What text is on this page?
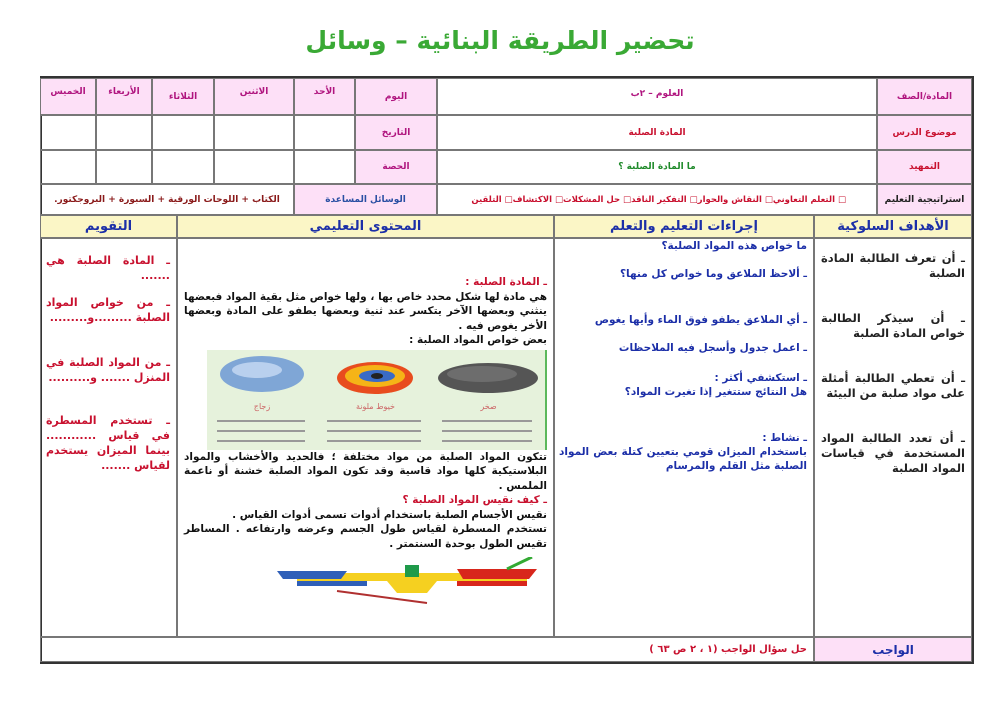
تحضير الطريقة البنائية – وسائل
المادة/الصف
العلوم – ٢ب
اليوم
الأحد
الاثنين
الثلاثاء
الأربعاء
الخميس
موضوع الدرس
المادة الصلبة
التاريخ
التمهيد
ما المادة الصلبة ؟
الحصة
استراتيجية التعليم
□ التعلم التعاوني□ النقاش والحوار□ التفكير الناقد□ حل المشكلات□ الاكتشاف□ التلقين
الوسائل المساعدة
الكتاب + اللوحات الورقية + السبورة + البروجكتور.
الأهداف السلوكية
إجراءات التعليم والتعلم
المحتوى التعليمي
التقويم
ـ أن تعرف الطالبة المادة الصلبة
ـ أن سيذكر الطالبة خواص المادة الصلبة
ـ أن تعطي الطالبة أمثلة على مواد صلبة من البيئة
ـ أن تعدد الطالبة المواد المستخدمة في قياسات المواد الصلبة
ما خواص هذه المواد الصلبة؟
ـ ألاحظ الملاعق وما خواص كل منها؟
ـ أي الملاعق يطفو فوق الماء وأيها يغوص
ـ اعمل جدول وأسجل فيه الملاحظات
ـ استكشفي أكثر :
هل النتائج ستتغير إذا تغيرت المواد؟
ـ نشاط :
باستخدام الميزان قومي بتعيين كتلة بعض المواد الصلبة مثل القلم والمرسام
ـ المادة الصلبة :
هي مادة لها شكل محدد خاص بها ، ولها خواص مثل بقية المواد فبعضها ينثني وبعضها الآخر يتكسر عند ثنية وبعضها يطفو على المادة وبعضها الأخر يغوص فيه .
بعض خواص المواد الصلبة :
صخر
خيوط ملونة
زجاج
تتكون المواد الصلبة من مواد مختلفة ؛ فالحديد والأخشاب والمواد البلاستيكية كلها مواد قاسية وقد تكون المواد الصلبة خشنة أو ناعمة الملمس .
ـ كيف نقيس المواد الصلبة ؟
نقيس الأجسام الصلبة باستخدام أدوات تسمى أدوات القياس .
تستخدم المسطرة لقياس طول الجسم وعرضه وارتفاعه . المساطر تقيس الطول بوحدة السنتمتر .
ـ المادة الصلبة هي .......
ـ من خواص المواد الصلبة .........و.........
ـ من المواد الصلبة في المنزل ....... و..........
ـ تستخدم المسطرة في قياس ............ بينما الميزان يستخدم لقياس .......
الواجب
حل سؤال الواجب (١ ، ٢ ص ٦٣ )
